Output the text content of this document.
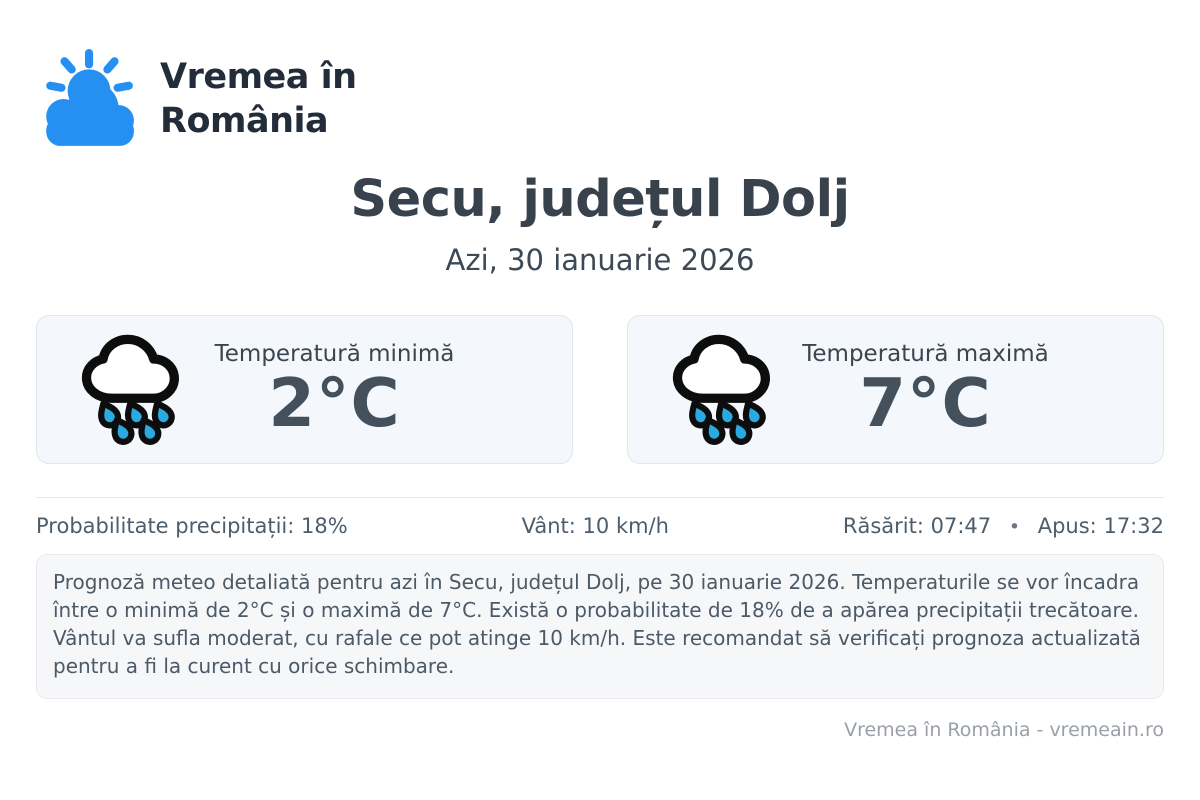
Vremea în
România
Secu, județul Dolj
Azi, 30 ianuarie 2026
Temperatură minimă
2°C
Temperatură maximă
7°C
Probabilitate precipitații: 18%	Vânt: 10 km/h	Răsărit: 07:47 • Apus: 17:32
Prognoză meteo detaliată pentru azi în Secu, județul Dolj, pe 30 ianuarie 2026. Temperaturile se vor încadra între o minimă de 2°C și o maximă de 7°C. Există o probabilitate de 18% de a apărea precipitații trecătoare. Vântul va sufla moderat, cu rafale ce pot atinge 10 km/h. Este recomandat să verificați prognoza actualizată pentru a fi la curent cu orice schimbare.
Vremea în România - vremeain.ro
